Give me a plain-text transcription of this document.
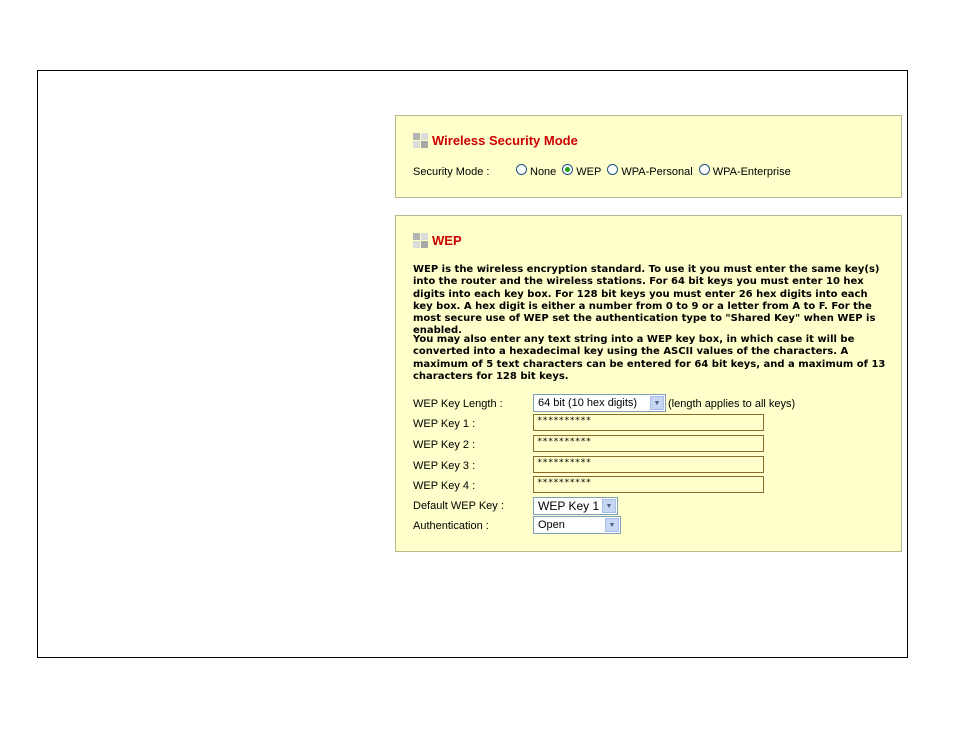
Wireless Security Mode
Security Mode :	None WEP WPA-Personal WPA-Enterprise
WEP

WEP is the wireless encryption standard. To use it you must enter the same key(s) into the router and the wireless stations. For 64 bit keys you must enter 10 hex digits into each key box. For 128 bit keys you must enter 26 hex digits into each key box. A hex digit is either a number from 0 to 9 or a letter from A to F. For the most secure use of WEP set the authentication type to "Shared Key" when WEP is enabled.

You may also enter any text string into a WEP key box, in which case it will be converted into a hexadecimal key using the ASCII values of the characters. A maximum of 5 text characters can be entered for 64 bit keys, and a maximum of 13 characters for 128 bit keys.

WEP Key Length :	64 bit (10 hex digits)	▼ (length applies to all keys)
WEP Key 1 :	**********
WEP Key 2 :	**********
WEP Key 3 :	**********
WEP Key 4 :	**********
Default WEP Key :	WEP Key 1 ▼
Authentication :	Open	▼
